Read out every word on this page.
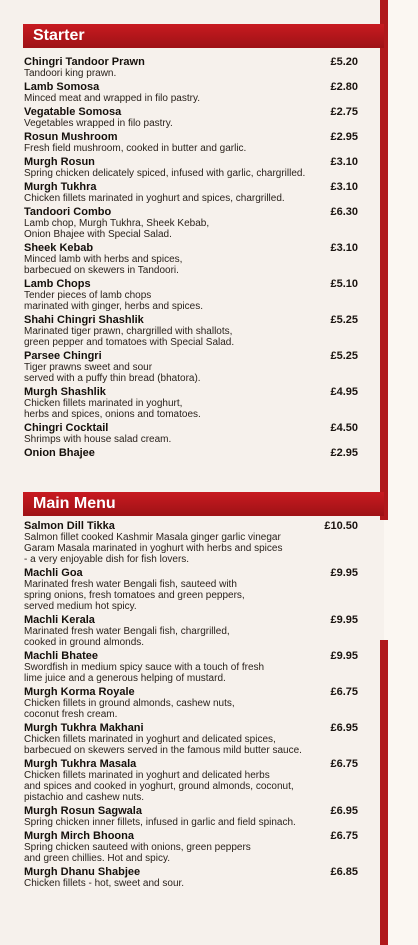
Starter
Chingri Tandoor Prawn	£5.20
Tandoori king prawn.
Lamb Somosa	£2.80
Minced meat and wrapped in filo pastry.
Vegatable Somosa	£2.75
Vegetables wrapped in filo pastry.
Rosun Mushroom	£2.95
Fresh field mushroom, cooked in butter and garlic.
Murgh Rosun	£3.10
Spring chicken delicately spiced, infused with garlic, chargrilled.
Murgh Tukhra	£3.10
Chicken fillets marinated in yoghurt and spices, chargrilled.
Tandoori Combo	£6.30
Lamb chop, Murgh Tukhra, Sheek Kebab,
Onion Bhajee with Special Salad.
Sheek Kebab	£3.10
Minced lamb with herbs and spices,
barbecued on skewers in Tandoori.
Lamb Chops	£5.10
Tender pieces of lamb chops
marinated with ginger, herbs and spices.
Shahi Chingri Shashlik	£5.25
Marinated tiger prawn, chargrilled with shallots,
green pepper and tomatoes with Special Salad.
Parsee Chingri	£5.25
Tiger prawns sweet and sour
served with a puffy thin bread (bhatora).
Murgh Shashlik	£4.95
Chicken fillets marinated in yoghurt,
herbs and spices, onions and tomatoes.
Chingri Cocktail	£4.50
Shrimps with house salad cream.
Onion Bhajee	£2.95
Main Menu
Salmon Dill Tikka	£10.50
Salmon fillet cooked Kashmir Masala ginger garlic vinegar
Garam Masala marinated in yoghurt with herbs and spices
- a very enjoyable dish for fish lovers.
Machli Goa	£9.95
Marinated fresh water Bengali fish, sauteed with
spring onions, fresh tomatoes and green peppers,
served medium hot spicy.
Machli Kerala	£9.95
Marinated fresh water Bengali fish, chargrilled,
cooked in ground almonds.
Machli Bhatee	£9.95
Swordfish in medium spicy sauce with a touch of fresh
lime juice and a generous helping of mustard.
Murgh Korma Royale	£6.75
Chicken fillets in ground almonds, cashew nuts,
coconut fresh cream.
Murgh Tukhra Makhani	£6.95
Chicken fillets marinated in yoghurt and delicated spices,
barbecued on skewers served in the famous mild butter sauce.
Murgh Tukhra Masala	£6.75
Chicken fillets marinated in yoghurt and delicated herbs
and spices and cooked in yoghurt, ground almonds, coconut,
pistachio and cashew nuts.
Murgh Rosun Sagwala	£6.95
Spring chicken inner fillets, infused in garlic and field spinach.
Murgh Mirch Bhoona	£6.75
Spring chicken sauteed with onions, green peppers
and green chillies. Hot and spicy.
Murgh Dhanu Shabjee	£6.85
Chicken fillets - hot, sweet and sour.
